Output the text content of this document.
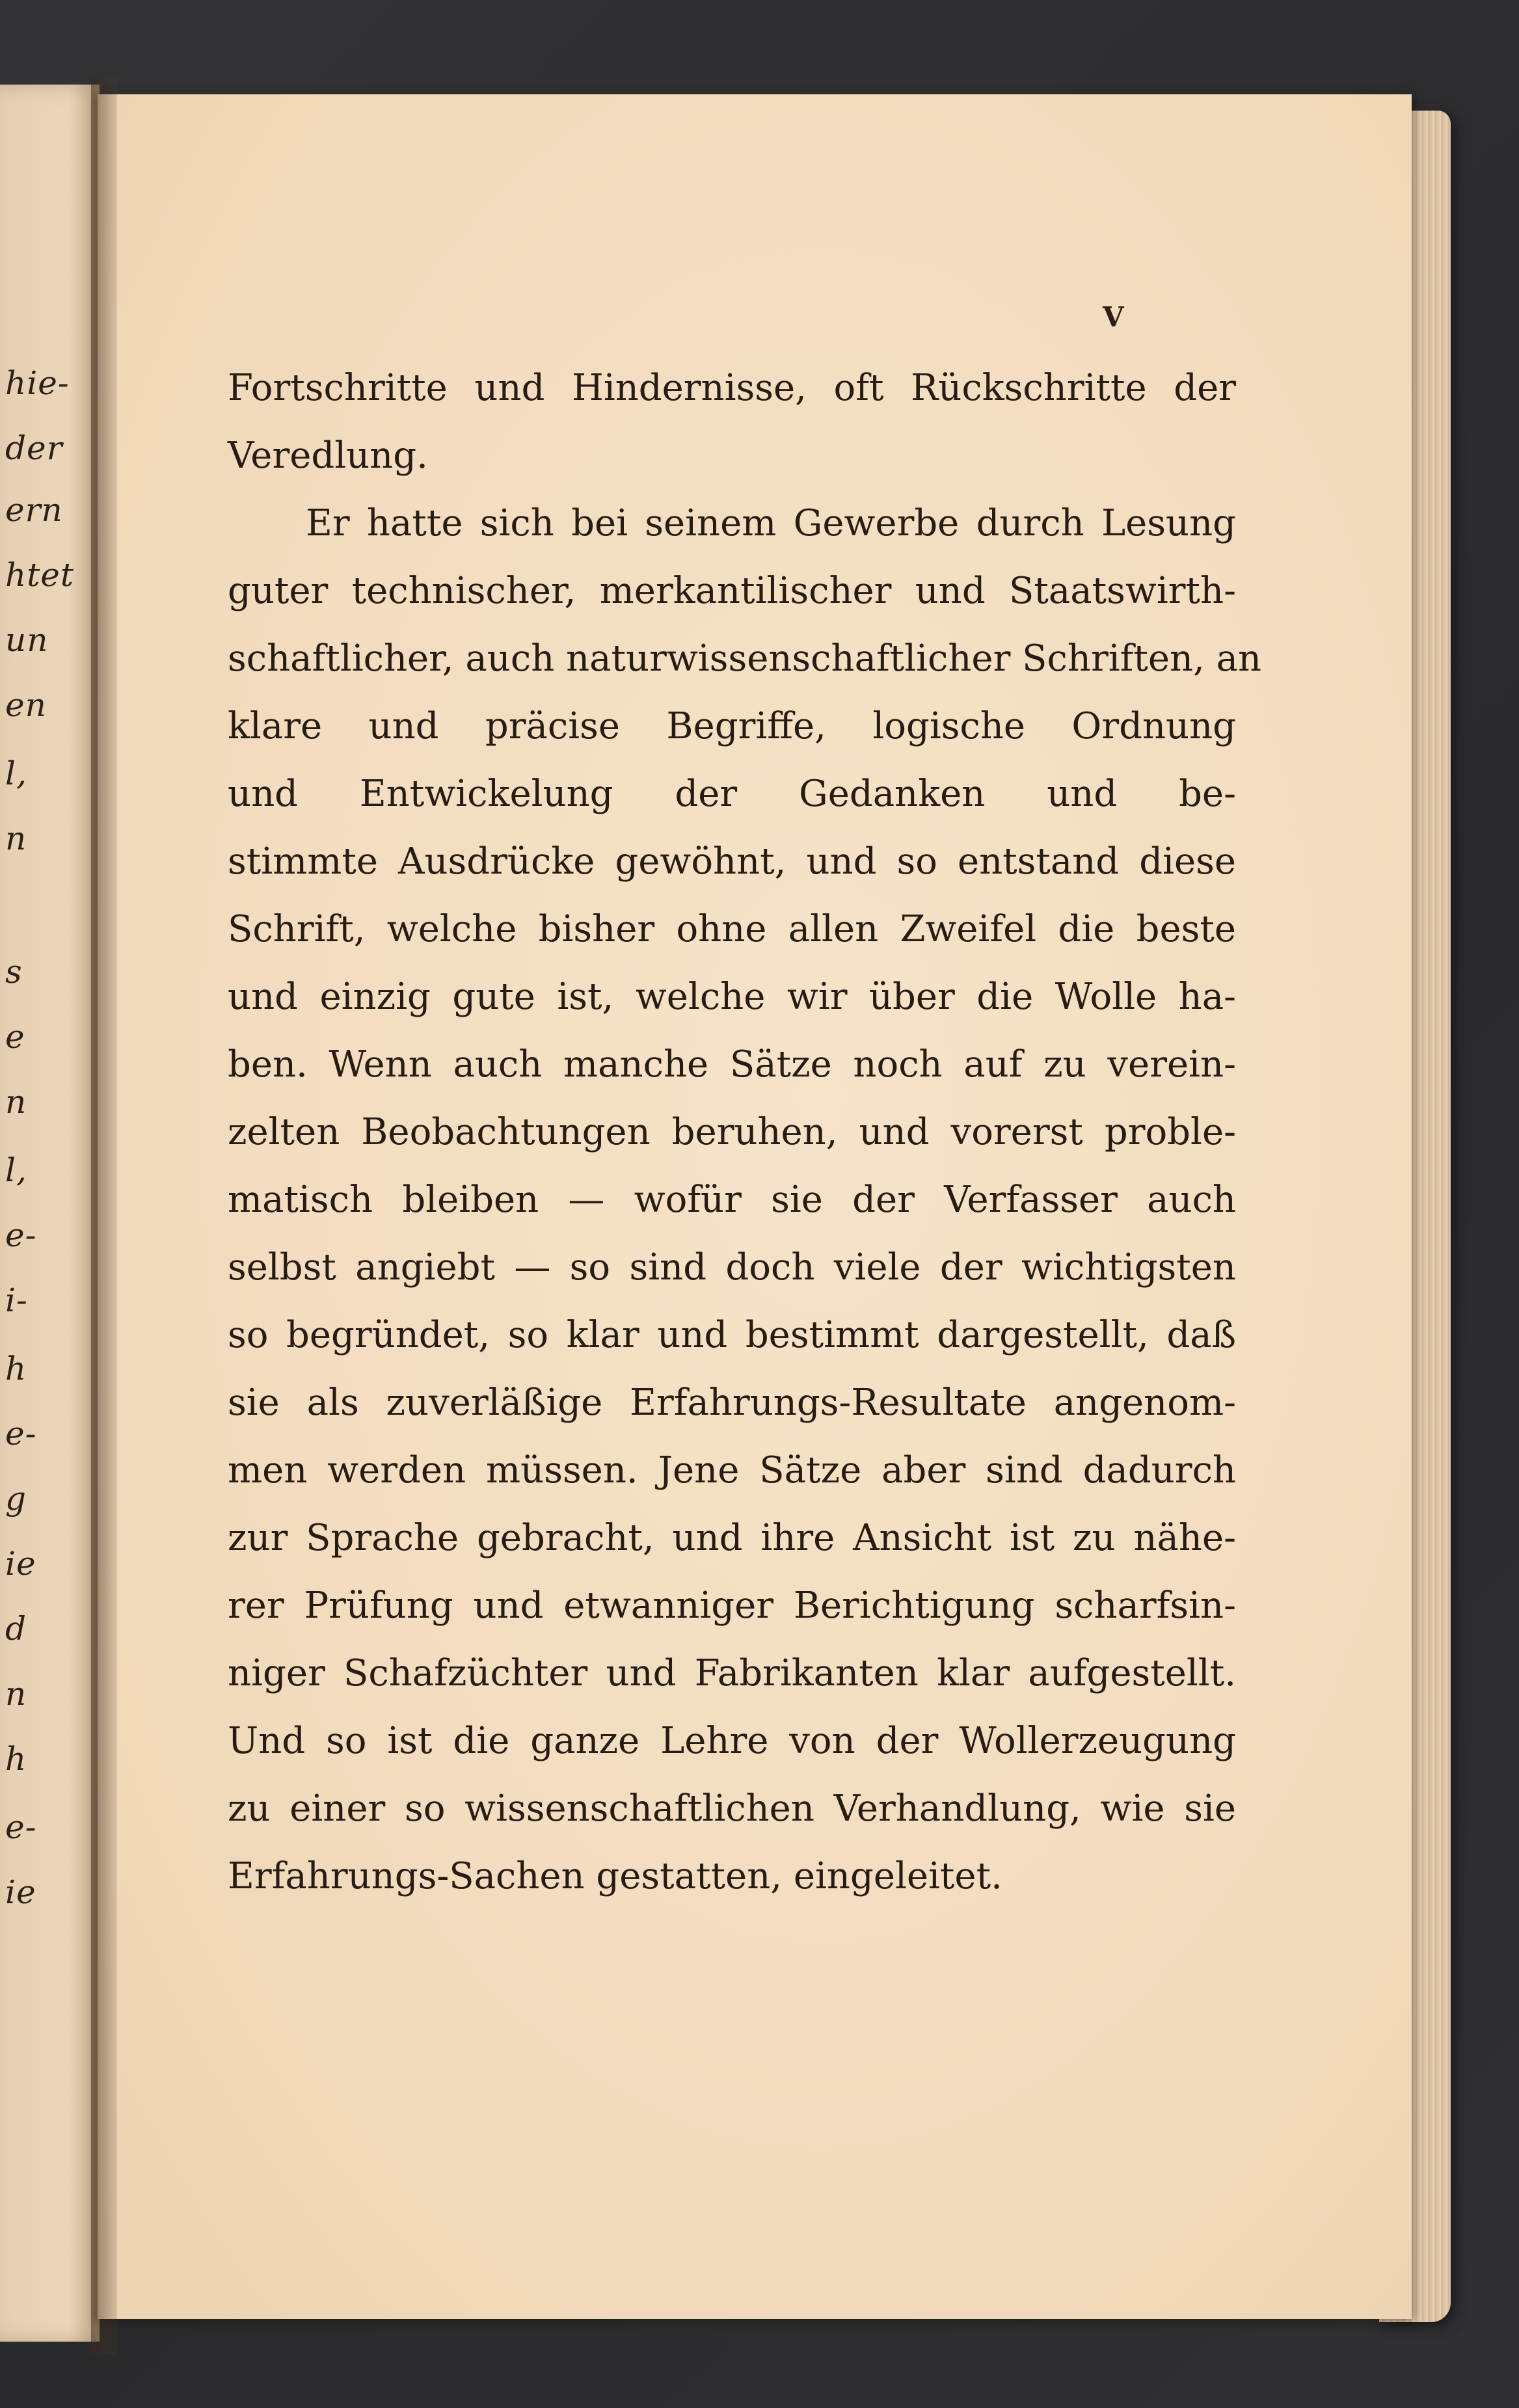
hie-
der
ern
htet
un
en
l,
n
s
e
n
l,
e-
i-
h
e-
g
ie
d
n
h
e-
ie
V
Fortschritte und Hindernisse, oft Rückschritte der
Veredlung.
Er hatte sich bei seinem Gewerbe durch Lesung
guter technischer, merkantilischer und Staatswirth-
schaftlicher, auch naturwissenschaftlicher Schriften, an
klare und präcise Begriffe, logische Ordnung
und Entwickelung der Gedanken und be-
stimmte Ausdrücke gewöhnt, und so entstand diese
Schrift, welche bisher ohne allen Zweifel die beste
und einzig gute ist, welche wir über die Wolle ha-
ben. Wenn auch manche Sätze noch auf zu verein-
zelten Beobachtungen beruhen, und vorerst proble-
matisch bleiben — wofür sie der Verfasser auch
selbst angiebt — so sind doch viele der wichtigsten
so begründet, so klar und bestimmt dargestellt, daß
sie als zuverläßige Erfahrungs-Resultate angenom-
men werden müssen. Jene Sätze aber sind dadurch
zur Sprache gebracht, und ihre Ansicht ist zu nähe-
rer Prüfung und etwanniger Berichtigung scharfsin-
niger Schafzüchter und Fabrikanten klar aufgestellt.
Und so ist die ganze Lehre von der Wollerzeugung
zu einer so wissenschaftlichen Verhandlung, wie sie
Erfahrungs-Sachen gestatten, eingeleitet.
